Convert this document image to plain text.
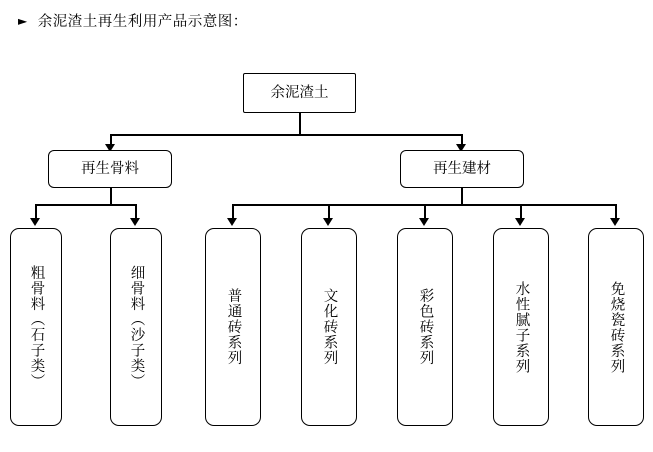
► 余泥渣土再生利用产品示意图：
余泥渣土
再生骨料	再生建材
粗骨料（石子类）	细骨料（沙子类）	普通砖系列	文化砖系列	彩色砖系列	水性腻子系列	免烧瓷砖系列
